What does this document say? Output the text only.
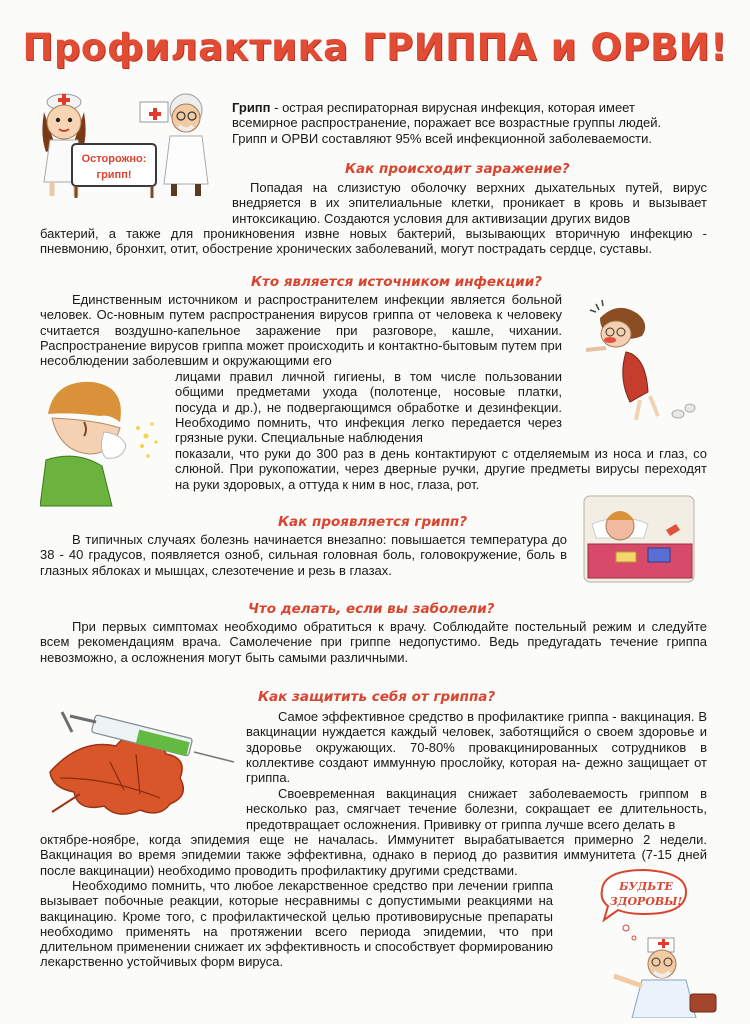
Профилактика ГРИППА и ОРВИ!
Осторожно:
грипп!

Грипп - острая респираторная вирусная инфекция, которая имеет
всемирное распространение, поражает все возрастные группы людей.
Грипп и ОРВИ составляют 95% всей инфекционной заболеваемости.

Как происходит заражение?

Попадая на слизистую оболочку верхних дыхательных путей, вирус внедряется в их эпителиальные клетки, проникает в кровь и вызывает интоксикацию. Создаются условия для активизации других видов

бактерий, а также для проникновения извне новых бактерий, вызывающих вторичную инфекцию - пневмонию, бронхит, отит, обострение хронических заболеваний, могут пострадать сердце, суставы.

Кто является источником инфекции?

Единственным источником и распространителем инфекции является больной человек. Ос-новным путем распространения вирусов гриппа от человека к человеку считается воздушно-капельное заражение при разговоре, кашле, чихании. Распространение вирусов гриппа может происходить и контактно-бытовым путем при несоблюдении заболевшим и окружающими его

лицами правил личной гигиены, в том числе пользовании общими предметами ухода (полотенце, носовые платки, посуда и др.), не подвергающимся обработке и дезинфекции. Необходимо помнить, что инфекция легко передается через грязные руки. Специальные наблюдения

показали, что руки до 300 раз в день контактируют с отделяемым из носа и глаз, со слюной. При рукопожатии, через дверные ручки, другие предметы вирусы переходят на руки здоровых, а оттуда к ним в нос, глаза, рот.

Как проявляется грипп?

В типичных случаях болезнь начинается внезапно: повышается температура до 38 - 40 градусов, появляется озноб, сильная головная боль, головокружение, боль в глазных яблоках и мышцах, слезотечение и резь в глазах.

Что делать, если вы заболели?

При первых симптомах необходимо обратиться к врачу. Соблюдайте постельный режим и следуйте всем рекомендациям врача. Самолечение при гриппе недопустимо. Ведь предугадать течение гриппа невозможно, а осложнения могут быть самыми различными.

Как защитить себя от гриппа?

Самое эффективное средство в профилактике гриппа - вакцинация. В вакцинации нуждается каждый человек, заботящийся о своем здоровье и здоровье окружающих. 70-80% провакцинированных сотрудников в коллективе создают иммунную прослойку, которая на- дежно защищает от гриппа.

Своевременная вакцинация снижает заболеваемость гриппом в несколько раз, смягчает течение болезни, сокращает ее длительность, предотвращает осложнения. Прививку от гриппа лучше всего делать в

октябре-ноябре, когда эпидемия еще не началась. Иммунитет вырабатывается примерно 2 недели. Вакцинация во время эпидемии также эффективна, однако в период до развития иммунитета (7-15 дней после вакцинации) необходимо проводить профилактику другими средствами.

Необходимо помнить, что любое лекарственное средство при лечении гриппа вызывает побочные реакции, которые несравнимы с допустимыми реакциями на вакцинацию. Кроме того, с профилактической целью противовирусные препараты необходимо применять на протяжении всего периода эпидемии, что при длительном применении снижает их эффективность и способствует формированию лекарственно устойчивых форм вируса.

БУДЬТЕ
ЗДОРОВЫ!
